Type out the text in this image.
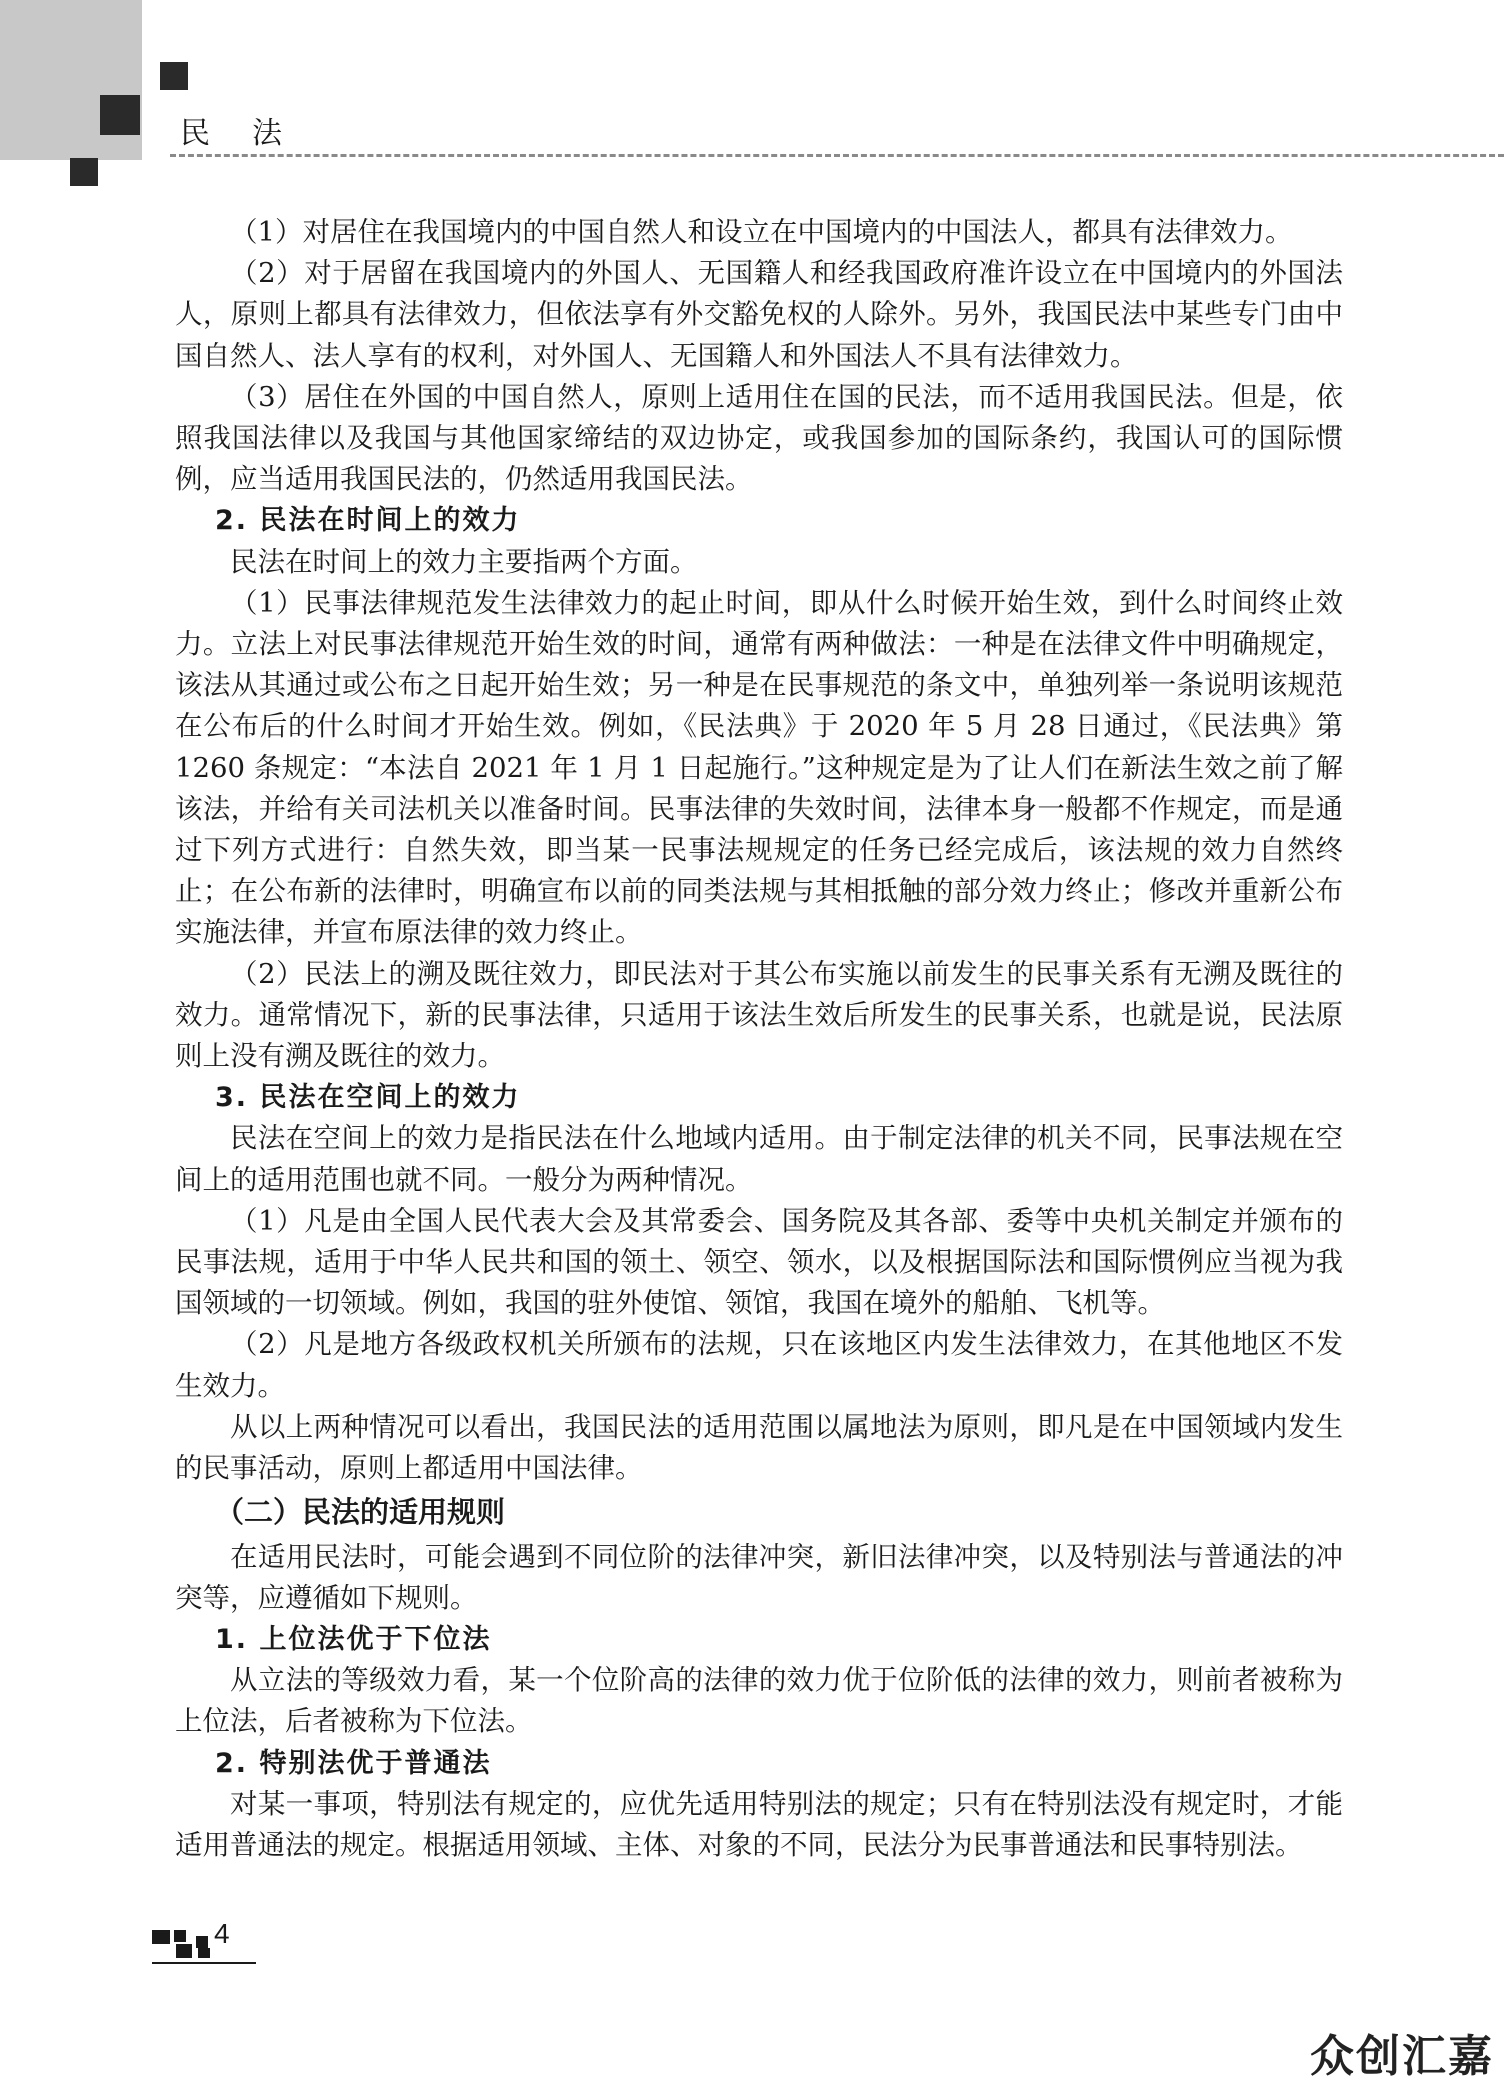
民法

（1）对居住在我国境内的中国自然人和设立在中国境内的中国法人，都具有法律效力。

（2）对于居留在我国境内的外国人、无国籍人和经我国政府准许设立在中国境内的外国法人，原则上都具有法律效力，但依法享有外交豁免权的人除外。另外，我国民法中某些专门由中国自然人、法人享有的权利，对外国人、无国籍人和外国法人不具有法律效力。

（3）居住在外国的中国自然人，原则上适用住在国的民法，而不适用我国民法。但是，依照我国法律以及我国与其他国家缔结的双边协定，或我国参加的国际条约，我国认可的国际惯例，应当适用我国民法的，仍然适用我国民法。

2. 民法在时间上的效力

民法在时间上的效力主要指两个方面。

（1）民事法律规范发生法律效力的起止时间，即从什么时候开始生效，到什么时间终止效力。立法上对民事法律规范开始生效的时间，通常有两种做法：一种是在法律文件中明确规定，该法从其通过或公布之日起开始生效；另一种是在民事规范的条文中，单独列举一条说明该规范在公布后的什么时间才开始生效。例如，《民法典》于 2020 年 5 月 28 日通过，《民法典》第 1260 条规定：“本法自 2021 年 1 月 1 日起施行。”这种规定是为了让人们在新法生效之前了解该法，并给有关司法机关以准备时间。民事法律的失效时间，法律本身一般都不作规定，而是通过下列方式进行：自然失效，即当某一民事法规规定的任务已经完成后，该法规的效力自然终止；在公布新的法律时，明确宣布以前的同类法规与其相抵触的部分效力终止；修改并重新公布实施法律，并宣布原法律的效力终止。

（2）民法上的溯及既往效力，即民法对于其公布实施以前发生的民事关系有无溯及既往的效力。通常情况下，新的民事法律，只适用于该法生效后所发生的民事关系，也就是说，民法原则上没有溯及既往的效力。

3. 民法在空间上的效力

民法在空间上的效力是指民法在什么地域内适用。由于制定法律的机关不同，民事法规在空间上的适用范围也就不同。一般分为两种情况。

（1）凡是由全国人民代表大会及其常委会、国务院及其各部、委等中央机关制定并颁布的民事法规，适用于中华人民共和国的领土、领空、领水，以及根据国际法和国际惯例应当视为我国领域的一切领域。例如，我国的驻外使馆、领馆，我国在境外的船舶、飞机等。

（2）凡是地方各级政权机关所颁布的法规，只在该地区内发生法律效力，在其他地区不发生效力。

从以上两种情况可以看出，我国民法的适用范围以属地法为原则，即凡是在中国领域内发生的民事活动，原则上都适用中国法律。

（二）民法的适用规则

在适用民法时，可能会遇到不同位阶的法律冲突，新旧法律冲突，以及特别法与普通法的冲突等，应遵循如下规则。

1. 上位法优于下位法

从立法的等级效力看，某一个位阶高的法律的效力优于位阶低的法律的效力，则前者被称为上位法，后者被称为下位法。

2. 特别法优于普通法

对某一事项，特别法有规定的，应优先适用特别法的规定；只有在特别法没有规定时，才能适用普通法的规定。根据适用领域、主体、对象的不同，民法分为民事普通法和民事特别法。

4
众创汇嘉
